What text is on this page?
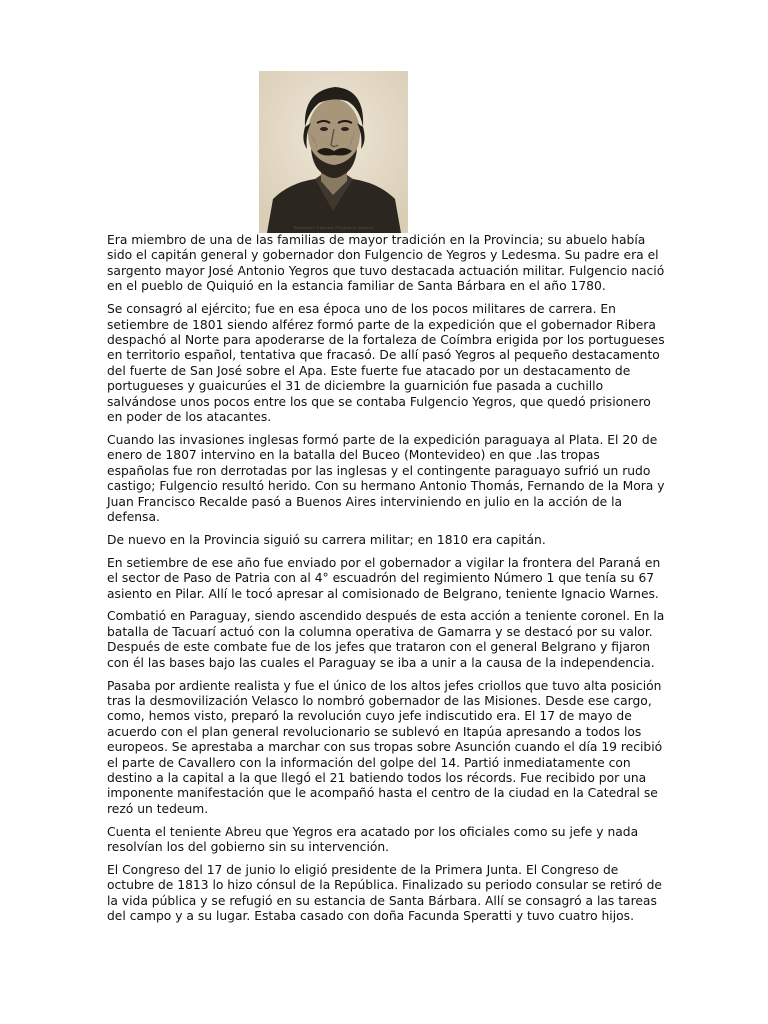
Brigadier General Fulgencio Yegros

Era miembro de una de las familias de mayor tradición en la Provincia; su abuelo había sido el capitán general y gobernador don Fulgencio de Yegros y Ledesma. Su padre era el sargento mayor José Antonio Yegros que tuvo destacada actuación militar. Fulgencio nació en el pueblo de Quiquió en la estancia familiar de Santa Bárbara en el año 1780.

Se consagró al ejército; fue en esa época uno de los pocos militares de carrera. En setiembre de 1801 siendo alférez formó parte de la expedición que el gobernador Ribera despachó al Norte para apoderarse de la fortaleza de Coímbra erigida por los portugueses en territorio español, tentativa que fracasó. De allí pasó Yegros al pequeño destacamento del fuerte de San José sobre el Apa. Este fuerte fue atacado por un destacamento de portugueses y guaicurúes el 31 de diciembre la guarnición fue pasada a cuchillo salvándose unos pocos entre los que se contaba Fulgencio Yegros, que quedó prisionero en poder de los atacantes.

Cuando las invasiones inglesas formó parte de la expedición paraguaya al Plata. El 20 de enero de 1807 intervino en la batalla del Buceo (Montevideo) en que .las tropas españolas fue ron derrotadas por las inglesas y el contingente paraguayo sufrió un rudo castigo; Fulgencio resultó herido. Con su hermano Antonio Thomás, Fernando de la Mora y Juan Francisco Recalde pasó a Buenos Aires interviniendo en julio en la acción de la defensa.

De nuevo en la Provincia siguió su carrera militar; en 1810 era capitán.

En setiembre de ese año fue enviado por el gobernador a vigilar la frontera del Paraná en el sector de Paso de Patria con al 4° escuadrón del regimiento Número 1 que tenía su 67 asiento en Pilar. Allí le tocó apresar al comisionado de Belgrano, teniente Ignacio Warnes.

Combatió en Paraguay, siendo ascendido después de esta acción a teniente coronel. En la batalla de Tacuarí actuó con la columna operativa de Gamarra y se destacó por su valor. Después de este combate fue de los jefes que trataron con el general Belgrano y fijaron con él las bases bajo las cuales el Paraguay se iba a unir a la causa de la independencia.

Pasaba por ardiente realista y fue el único de los altos jefes criollos que tuvo alta posición tras la desmovilización Velasco lo nombró gobernador de las Misiones. Desde ese cargo, como, hemos visto, preparó la revolución cuyo jefe indiscutido era. El 17 de mayo de acuerdo con el plan general revolucionario se sublevó en Itapúa apresando a todos los europeos. Se aprestaba a marchar con sus tropas sobre Asunción cuando el día 19 recibió el parte de Cavallero con la información del golpe del 14. Partió inmediatamente con destino a la capital a la que llegó el 21 batiendo todos los récords. Fue recibido por una imponente manifestación que le acompañó hasta el centro de la ciudad en la Catedral se rezó un tedeum.

Cuenta el teniente Abreu que Yegros era acatado por los oficiales como su jefe y nada resolvían los del gobierno sin su intervención.

El Congreso del 17 de junio lo eligió presidente de la Primera Junta. El Congreso de octubre de 1813 lo hizo cónsul de la República. Finalizado su periodo consular se retiró de la vida pública y se refugió en su estancia de Santa Bárbara. Allí se consagró a las tareas del campo y a su lugar. Estaba casado con doña Facunda Speratti y tuvo cuatro hijos.
